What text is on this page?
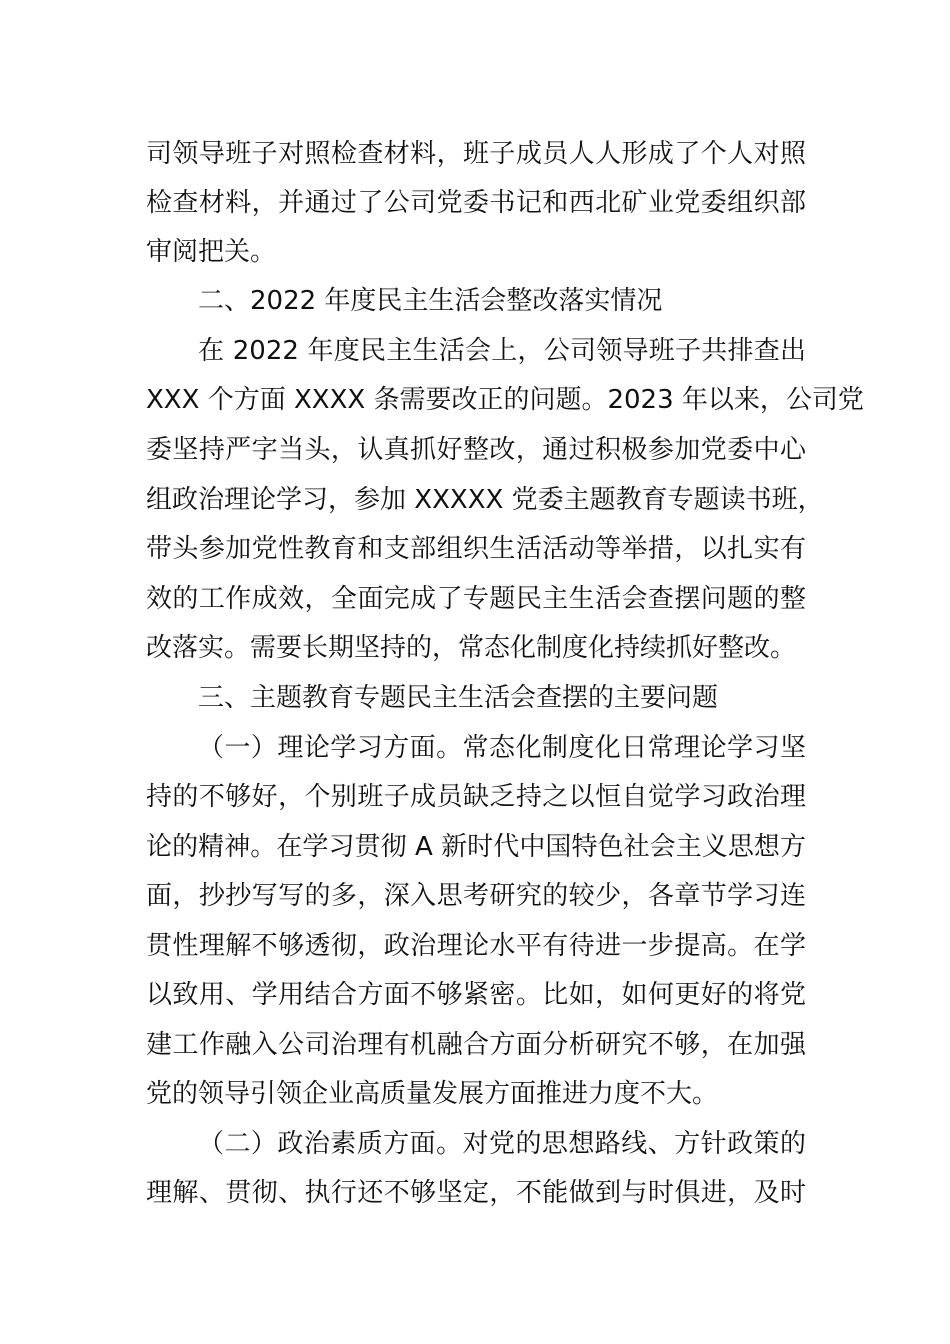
司领导班子对照检查材料，班子成员人人形成了个人对照
检查材料，并通过了公司党委书记和西北矿业党委组织部
审阅把关。
二、2022 年度民主生活会整改落实情况
在 2022 年度民主生活会上，公司领导班子共排查出
XXX 个方面 XXXX 条需要改正的问题。2023 年以来，公司党
委坚持严字当头，认真抓好整改，通过积极参加党委中心
组政治理论学习，参加 XXXXX 党委主题教育专题读书班，
带头参加党性教育和支部组织生活活动等举措，以扎实有
效的工作成效，全面完成了专题民主生活会查摆问题的整
改落实。需要长期坚持的，常态化制度化持续抓好整改。
三、主题教育专题民主生活会查摆的主要问题
（一）理论学习方面。常态化制度化日常理论学习坚
持的不够好，个别班子成员缺乏持之以恒自觉学习政治理
论的精神。在学习贯彻 A 新时代中国特色社会主义思想方
面，抄抄写写的多，深入思考研究的较少，各章节学习连
贯性理解不够透彻，政治理论水平有待进一步提高。在学
以致用、学用结合方面不够紧密。比如，如何更好的将党
建工作融入公司治理有机融合方面分析研究不够，在加强
党的领导引领企业高质量发展方面推进力度不大。
（二）政治素质方面。对党的思想路线、方针政策的
理解、贯彻、执行还不够坚定，不能做到与时俱进，及时
